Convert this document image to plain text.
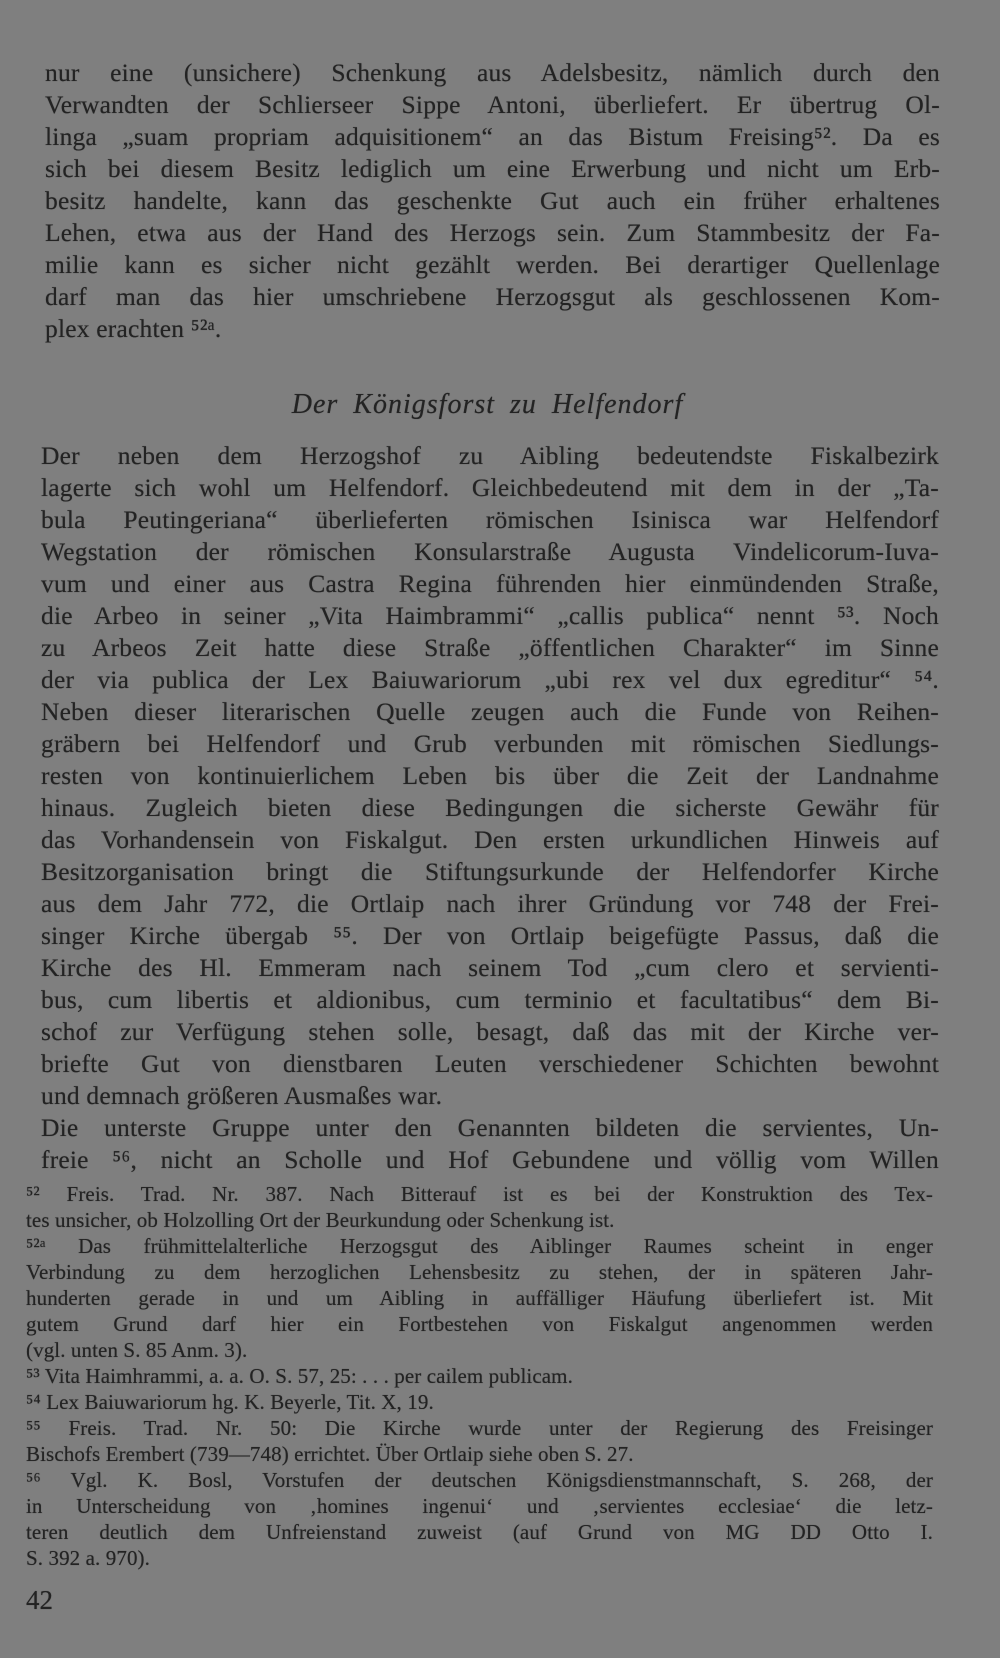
nur eine (unsichere) Schenkung aus Adelsbesitz, nämlich durch den
Verwandten der Schlierseer Sippe Antoni, überliefert. Er übertrug Ol-
linga „suam propriam adquisitionem“ an das Bistum Freising⁵². Da es
sich bei diesem Besitz lediglich um eine Erwerbung und nicht um Erb-
besitz handelte, kann das geschenkte Gut auch ein früher erhaltenes
Lehen, etwa aus der Hand des Herzogs sein. Zum Stammbesitz der Fa-
milie kann es sicher nicht gezählt werden. Bei derartiger Quellenlage
darf man das hier umschriebene Herzogsgut als geschlossenen Kom-
plex erachten ⁵²ᵃ.
Der Königsforst zu Helfendorf
Der neben dem Herzogshof zu Aibling bedeutendste Fiskalbezirk
lagerte sich wohl um Helfendorf. Gleichbedeutend mit dem in der „Ta-
bula Peutingeriana“ überlieferten römischen Isinisca war Helfendorf
Wegstation der römischen Konsularstraße Augusta Vindelicorum-Iuva-
vum und einer aus Castra Regina führenden hier einmündenden Straße,
die Arbeo in seiner „Vita Haimbrammi“ „callis publica“ nennt ⁵³. Noch
zu Arbeos Zeit hatte diese Straße „öffentlichen Charakter“ im Sinne
der via publica der Lex Baiuwariorum „ubi rex vel dux egreditur“ ⁵⁴.
Neben dieser literarischen Quelle zeugen auch die Funde von Reihen-
gräbern bei Helfendorf und Grub verbunden mit römischen Siedlungs-
resten von kontinuierlichem Leben bis über die Zeit der Landnahme
hinaus. Zugleich bieten diese Bedingungen die sicherste Gewähr für
das Vorhandensein von Fiskalgut. Den ersten urkundlichen Hinweis auf
Besitzorganisation bringt die Stiftungsurkunde der Helfendorfer Kirche
aus dem Jahr 772, die Ortlaip nach ihrer Gründung vor 748 der Frei-
singer Kirche übergab ⁵⁵. Der von Ortlaip beigefügte Passus, daß die
Kirche des Hl. Emmeram nach seinem Tod „cum clero et servienti-
bus, cum libertis et aldionibus, cum terminio et facultatibus“ dem Bi-
schof zur Verfügung stehen solle, besagt, daß das mit der Kirche ver-
briefte Gut von dienstbaren Leuten verschiedener Schichten bewohnt
und demnach größeren Ausmaßes war.
Die unterste Gruppe unter den Genannten bildeten die servientes, Un-
freie ⁵⁶, nicht an Scholle und Hof Gebundene und völlig vom Willen
⁵² Freis. Trad. Nr. 387. Nach Bitterauf ist es bei der Konstruktion des Tex-
tes unsicher, ob Holzolling Ort der Beurkundung oder Schenkung ist.
⁵²ᵃ Das frühmittelalterliche Herzogsgut des Aiblinger Raumes scheint in enger
Verbindung zu dem herzoglichen Lehensbesitz zu stehen, der in späteren Jahr-
hunderten gerade in und um Aibling in auffälliger Häufung überliefert ist. Mit
gutem Grund darf hier ein Fortbestehen von Fiskalgut angenommen werden
(vgl. unten S. 85 Anm. 3).
⁵³ Vita Haimhrammi, a. a. O. S. 57, 25: . . . per cailem publicam.
⁵⁴ Lex Baiuwariorum hg. K. Beyerle, Tit. X, 19.
⁵⁵ Freis. Trad. Nr. 50: Die Kirche wurde unter der Regierung des Freisinger
Bischofs Erembert (739—748) errichtet. Über Ortlaip siehe oben S. 27.
⁵⁶ Vgl. K. Bosl, Vorstufen der deutschen Königsdienstmannschaft, S. 268, der
in Unterscheidung von ‚homines ingenui‘ und ‚servientes ecclesiae‘ die letz-
teren deutlich dem Unfreienstand zuweist (auf Grund von MG DD Otto I.
S. 392 a. 970).
42
